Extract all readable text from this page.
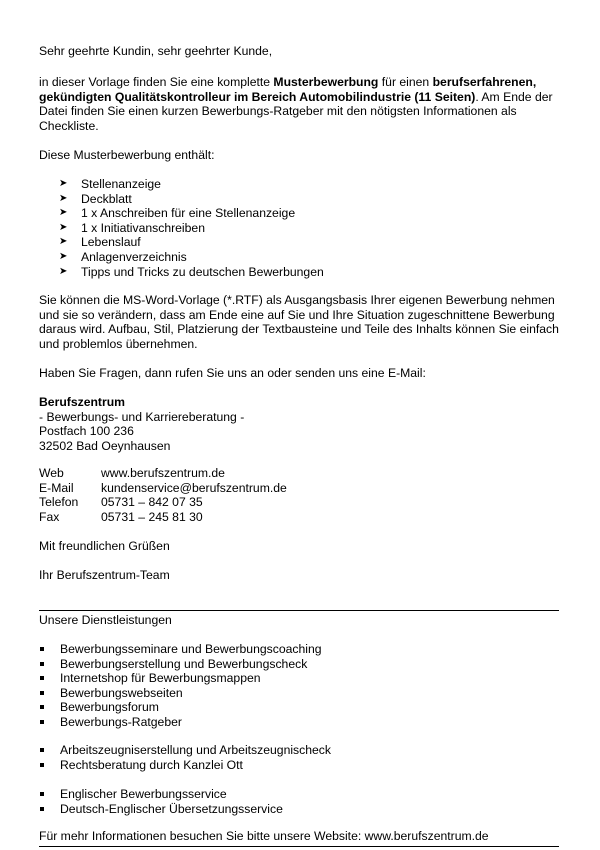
Sehr geehrte Kundin, sehr geehrter Kunde,

in dieser Vorlage finden Sie eine komplette Musterbewerbung für einen berufserfahrenen, gekündigten Qualitätskontrolleur im Bereich Automobilindustrie (11 Seiten). Am Ende der Datei finden Sie einen kurzen Bewerbungs-Ratgeber mit den nötigsten Informationen als Checkliste.

Diese Musterbewerbung enthält:

➤ Stellenanzeige
➤ Deckblatt
➤ 1 x Anschreiben für eine Stellenanzeige
➤ 1 x Initiativanschreiben
➤ Lebenslauf
➤ Anlagenverzeichnis
➤ Tipps und Tricks zu deutschen Bewerbungen

Sie können die MS-Word-Vorlage (*.RTF) als Ausgangsbasis Ihrer eigenen Bewerbung nehmen und sie so verändern, dass am Ende eine auf Sie und Ihre Situation zugeschnittene Bewerbung daraus wird. Aufbau, Stil, Platzierung der Textbausteine und Teile des Inhalts können Sie einfach und problemlos übernehmen.

Haben Sie Fragen, dann rufen Sie uns an oder senden uns eine E-Mail:

Berufszentrum
- Bewerbungs- und Karriereberatung -
Postfach 100 236
32502 Bad Oeynhausen
Web	www.berufszentrum.de
E-Mail	kundenservice@berufszentrum.de
Telefon	05731 – 842 07 35
Fax	05731 – 245 81 30

Mit freundlichen Grüßen

Ihr Berufszentrum-Team

Unsere Dienstleistungen

Bewerbungsseminare und Bewerbungscoaching
Bewerbungserstellung und Bewerbungscheck
Internetshop für Bewerbungsmappen
Bewerbungswebseiten
Bewerbungsforum
Bewerbungs-Ratgeber
Arbeitszeugniserstellung und Arbeitszeugnischeck
Rechtsberatung durch Kanzlei Ott
Englischer Bewerbungsservice
Deutsch-Englischer Übersetzungsservice

Für mehr Informationen besuchen Sie bitte unsere Website: www.berufszentrum.de
